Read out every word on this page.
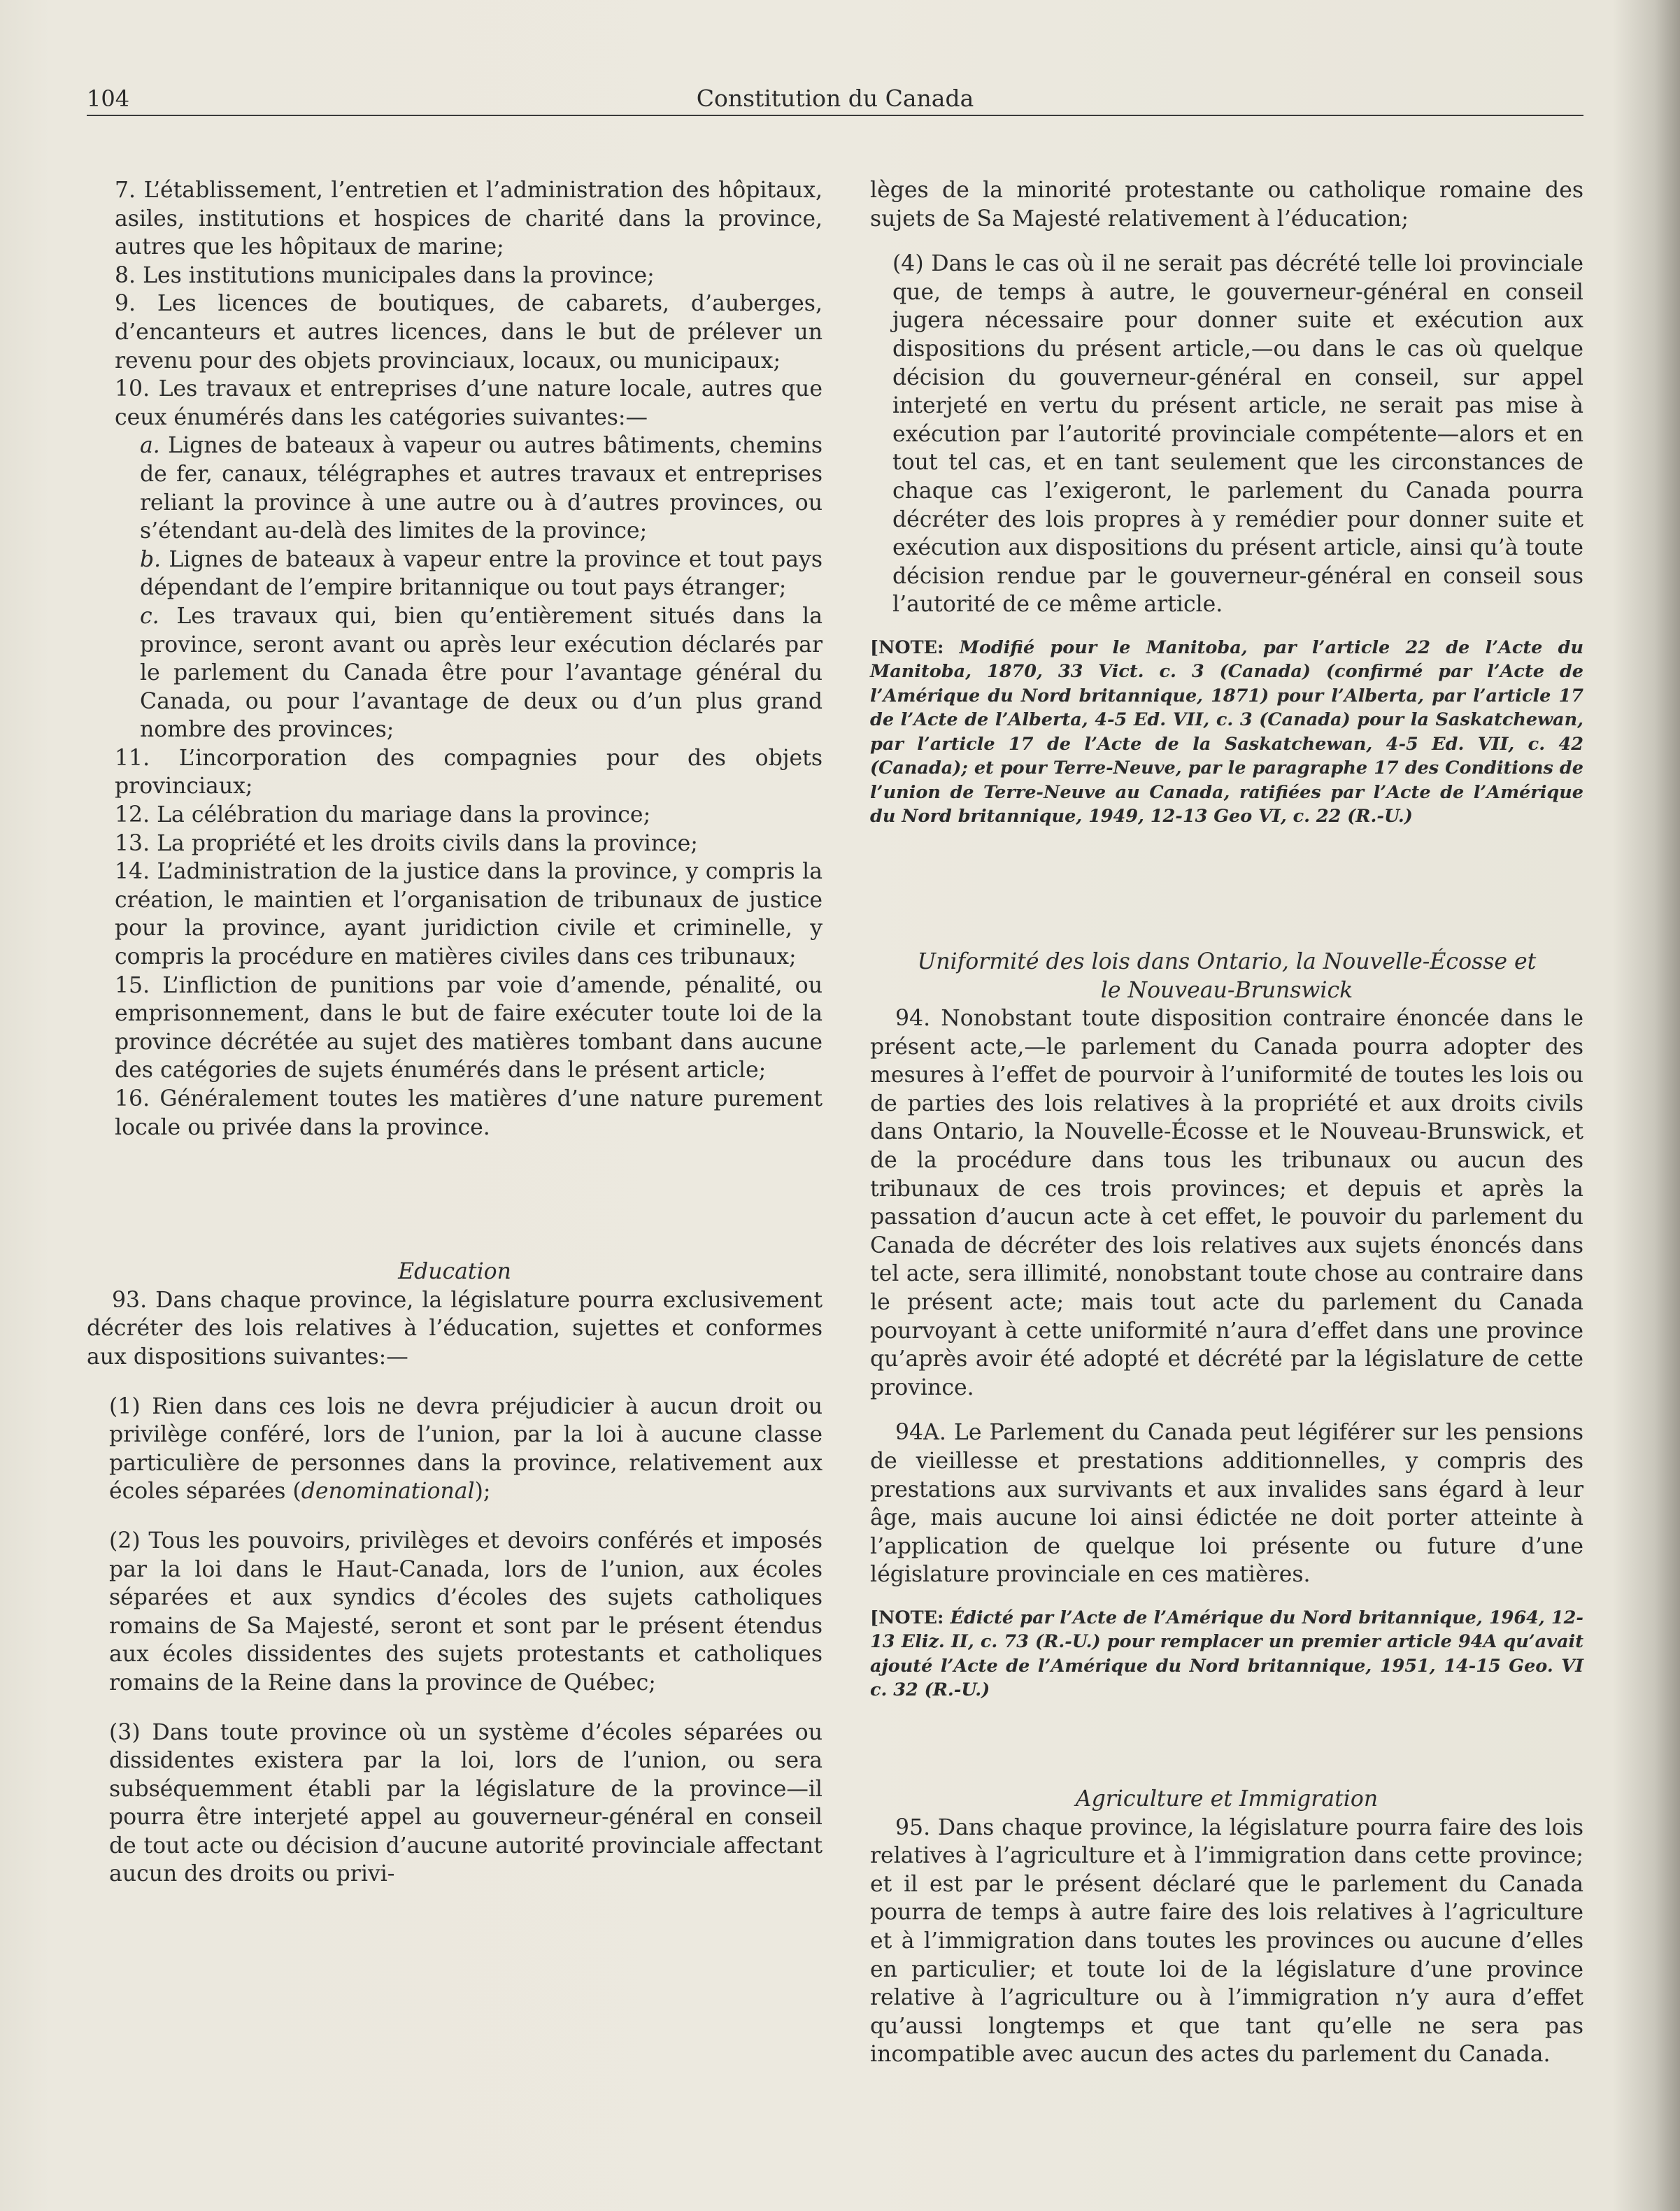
104	Constitution du Canada

7. L’établissement, l’entretien et l’administration des hôpitaux, asiles, institutions et hospices de charité dans la province, autres que les hôpitaux de marine;

8. Les institutions municipales dans la province;

9. Les licences de boutiques, de cabarets, d’auberges, d’encanteurs et autres licences, dans le but de prélever un revenu pour des objets provinciaux, locaux, ou municipaux;

10. Les travaux et entreprises d’une nature locale, autres que ceux énumérés dans les catégories suivantes:—

a. Lignes de bateaux à vapeur ou autres bâtiments, chemins de fer, canaux, télégraphes et autres travaux et entreprises reliant la province à une autre ou à d’autres provinces, ou s’étendant au-delà des limites de la province;

b. Lignes de bateaux à vapeur entre la province et tout pays dépendant de l’empire britannique ou tout pays étranger;

c. Les travaux qui, bien qu’entièrement situés dans la province, seront avant ou après leur exécution déclarés par le parlement du Canada être pour l’avantage général du Canada, ou pour l’avantage de deux ou d’un plus grand nombre des provinces;

11. L’incorporation des compagnies pour des objets provinciaux;

12. La célébration du mariage dans la province;

13. La propriété et les droits civils dans la province;

14. L’administration de la justice dans la province, y compris la création, le maintien et l’organisation de tribunaux de justice pour la province, ayant juridiction civile et criminelle, y compris la procédure en matières civiles dans ces tribunaux;

15. L’infliction de punitions par voie d’amende, pénalité, ou emprisonnement, dans le but de faire exécuter toute loi de la province décrétée au sujet des matières tombant dans aucune des catégories de sujets énumérés dans le présent article;

16. Généralement toutes les matières d’une nature purement locale ou privée dans la province.

Education

93. Dans chaque province, la législature pourra exclusivement décréter des lois relatives à l’éducation, sujettes et conformes aux dispositions suivantes:—

(1) Rien dans ces lois ne devra préjudicier à aucun droit ou privilège conféré, lors de l’union, par la loi à aucune classe particulière de personnes dans la province, relativement aux écoles séparées (denominational);

(2) Tous les pouvoirs, privilèges et devoirs conférés et imposés par la loi dans le Haut-Canada, lors de l’union, aux écoles séparées et aux syndics d’écoles des sujets catholiques romains de Sa Majesté, seront et sont par le présent étendus aux écoles dissidentes des sujets protestants et catholiques romains de la Reine dans la province de Québec;

(3) Dans toute province où un système d’écoles séparées ou dissidentes existera par la loi, lors de l’union, ou sera subséquemment établi par la législature de la province—il pourra être interjeté appel au gouverneur-général en conseil de tout acte ou décision d’aucune autorité provinciale affectant aucun des droits ou privi-

lèges de la minorité protestante ou catholique romaine des sujets de Sa Majesté relativement à l’éducation;

(4) Dans le cas où il ne serait pas décrété telle loi provinciale que, de temps à autre, le gouverneur-général en conseil jugera nécessaire pour donner suite et exécution aux dispositions du présent article,—ou dans le cas où quelque décision du gouverneur-général en conseil, sur appel interjeté en vertu du présent article, ne serait pas mise à exécution par l’autorité provinciale compétente—alors et en tout tel cas, et en tant seulement que les circonstances de chaque cas l’exigeront, le parlement du Canada pourra décréter des lois propres à y remédier pour donner suite et exécution aux dispositions du présent article, ainsi qu’à toute décision rendue par le gouverneur-général en conseil sous l’autorité de ce même article.

[NOTE: Modifié pour le Manitoba, par l’article 22 de l’Acte du Manitoba, 1870, 33 Vict. c. 3 (Canada) (confirmé par l’Acte de l’Amérique du Nord britannique, 1871) pour l’Alberta, par l’article 17 de l’Acte de l’Alberta, 4-5 Ed. VII, c. 3 (Canada) pour la Saskatchewan, par l’article 17 de l’Acte de la Saskatchewan, 4-5 Ed. VII, c. 42 (Canada); et pour Terre-Neuve, par le paragraphe 17 des Conditions de l’union de Terre-Neuve au Canada, ratifiées par l’Acte de l’Amérique du Nord britannique, 1949, 12-13 Geo VI, c. 22 (R.-U.)

Uniformité des lois dans Ontario, la Nouvelle-Écosse et
le Nouveau-Brunswick

94. Nonobstant toute disposition contraire énoncée dans le présent acte,—le parlement du Canada pourra adopter des mesures à l’effet de pourvoir à l’uniformité de toutes les lois ou de parties des lois relatives à la propriété et aux droits civils dans Ontario, la Nouvelle-Écosse et le Nouveau-Brunswick, et de la procédure dans tous les tribunaux ou aucun des tribunaux de ces trois provinces; et depuis et après la passation d’aucun acte à cet effet, le pouvoir du parlement du Canada de décréter des lois relatives aux sujets énoncés dans tel acte, sera illimité, nonobstant toute chose au contraire dans le présent acte; mais tout acte du parlement du Canada pourvoyant à cette uniformité n’aura d’effet dans une province qu’après avoir été adopté et décrété par la législature de cette province.

94A. Le Parlement du Canada peut légiférer sur les pensions de vieillesse et prestations additionnelles, y compris des prestations aux survivants et aux invalides sans égard à leur âge, mais aucune loi ainsi édictée ne doit porter atteinte à l’application de quelque loi présente ou future d’une législature provinciale en ces matières.

[NOTE: Édicté par l’Acte de l’Amérique du Nord britannique, 1964, 12-13 Eliz. II, c. 73 (R.-U.) pour remplacer un premier article 94A qu’avait ajouté l’Acte de l’Amérique du Nord britannique, 1951, 14-15 Geo. VI c. 32 (R.-U.)

Agriculture et Immigration

95. Dans chaque province, la législature pourra faire des lois relatives à l’agriculture et à l’immigration dans cette province; et il est par le présent déclaré que le parlement du Canada pourra de temps à autre faire des lois relatives à l’agriculture et à l’immigration dans toutes les provinces ou aucune d’elles en particulier; et toute loi de la législature d’une province relative à l’agriculture ou à l’immigration n’y aura d’effet qu’aussi longtemps et que tant qu’elle ne sera pas incompatible avec aucun des actes du parlement du Canada.
